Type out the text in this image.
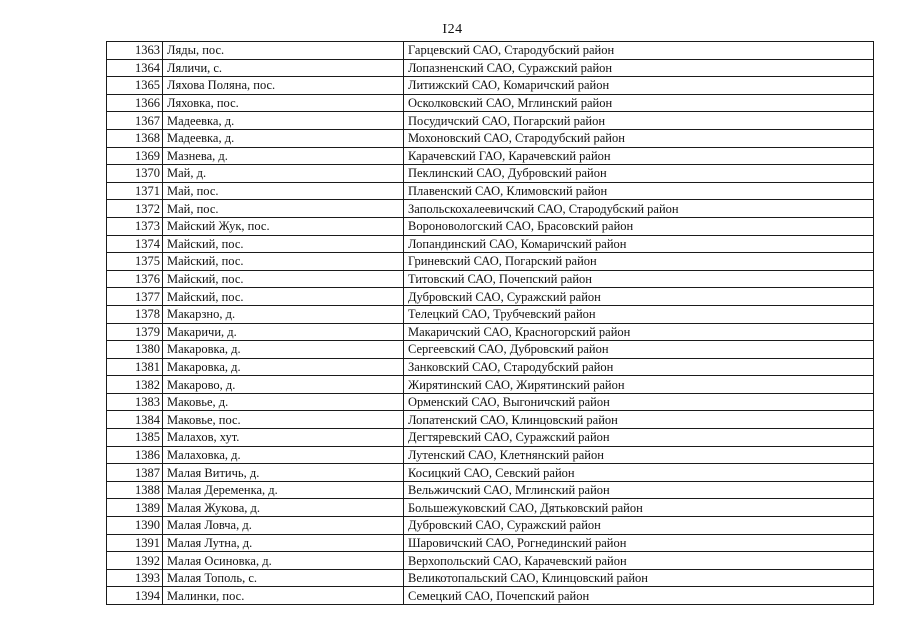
I24
1363	Ляды, пос.	Гарцевский САО, Стародубский район
1364	Ляличи, с.	Лопазненский САО, Суражский район
1365	Ляхова Поляна, пос.	Литижский САО, Комаричский район
1366	Ляховка, пос.	Осколковский САО, Мглинский район
1367	Мадеевка, д.	Посудичский САО, Погарский район
1368	Мадеевка, д.	Мохоновский САО, Стародубский район
1369	Мазнева, д.	Карачевский ГАО, Карачевский район
1370	Май, д.	Пеклинский САО, Дубровский район
1371	Май, пос.	Плавенский САО, Климовский район
1372	Май, пос.	Запольскохалеевичский САО, Стародубский район
1373	Майский Жук, пос.	Вороновологский САО, Брасовский район
1374	Майский, пос.	Лопандинский САО, Комаричский район
1375	Майский, пос.	Гриневский САО, Погарский район
1376	Майский, пос.	Титовский САО, Почепский район
1377	Майский, пос.	Дубровский САО, Суражский район
1378	Макарзно, д.	Телецкий САО, Трубчевский район
1379	Макаричи, д.	Макаричский САО, Красногорский район
1380	Макаровка, д.	Сергеевский САО, Дубровский район
1381	Макаровка, д.	Занковский САО, Стародубский район
1382	Макарово, д.	Жирятинский САО, Жирятинский район
1383	Маковье, д.	Орменский САО, Выгоничский район
1384	Маковье, пос.	Лопатенский САО, Клинцовский район
1385	Малахов, хут.	Дегтяревский САО, Суражский район
1386	Малаховка, д.	Лутенский САО, Клетнянский район
1387	Малая Витичь, д.	Косицкий САО, Севский район
1388	Малая Деременка, д.	Вельжичский САО, Мглинский район
1389	Малая Жукова, д.	Большежуковский САО, Дятьковский район
1390	Малая Ловча, д.	Дубровский САО, Суражский район
1391	Малая Лутна, д.	Шаровичский САО, Рогнединский район
1392	Малая Осиновка, д.	Верхопольский САО, Карачевский район
1393	Малая Тополь, с.	Великотопальский САО, Клинцовский район
1394	Малинки, пос.	Семецкий САО, Почепский район
